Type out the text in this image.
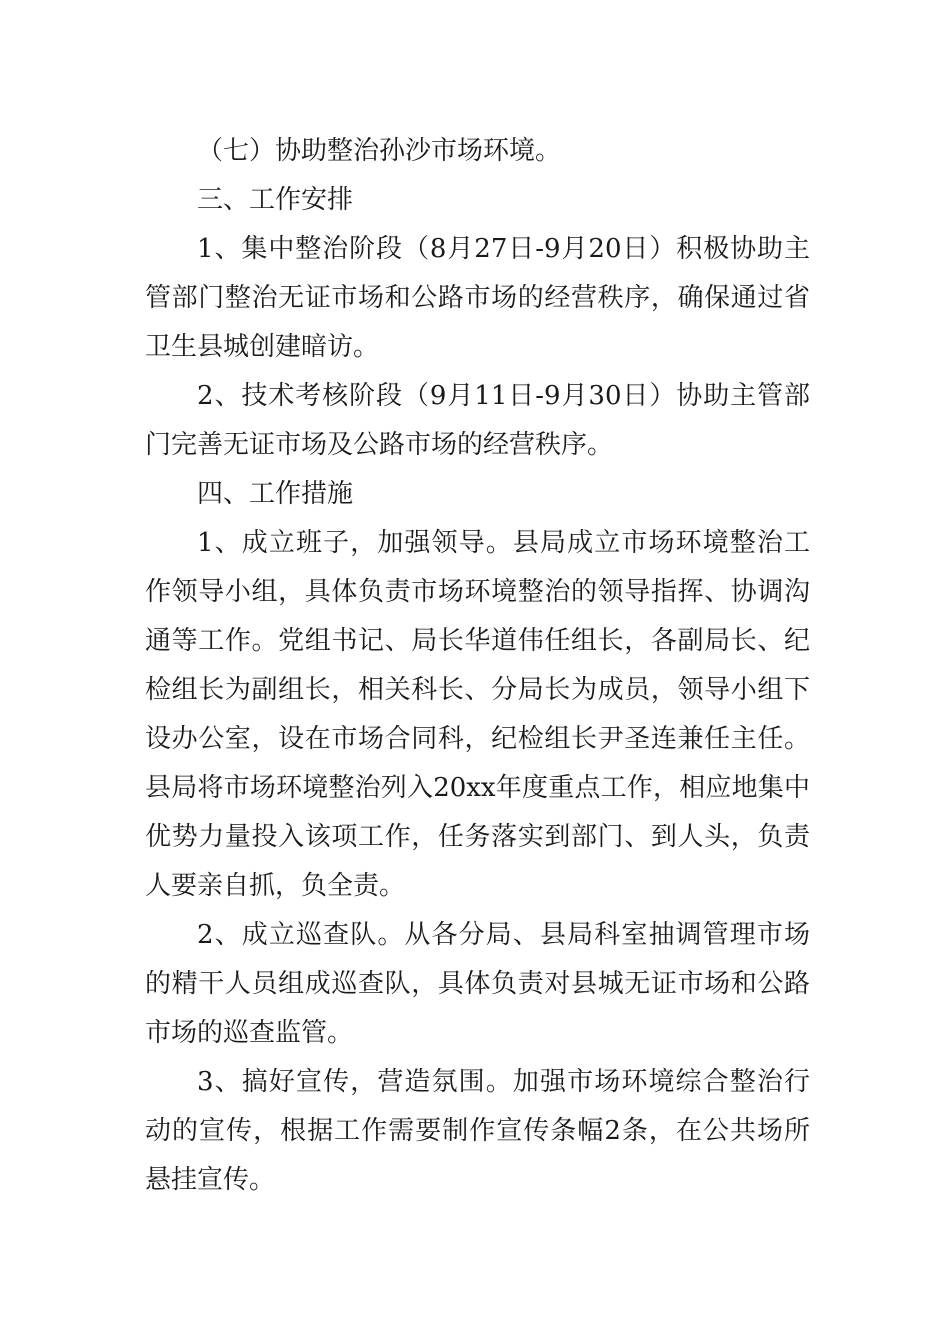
（七）协助整治孙沙市场环境。

三、工作安排

1、集中整治阶段（8月27日-9月20日）积极协助主管部门整治无证市场和公路市场的经营秩序，确保通过省卫生县城创建暗访。

2、技术考核阶段（9月11日-9月30日）协助主管部门完善无证市场及公路市场的经营秩序。

四、工作措施

1、成立班子，加强领导。县局成立市场环境整治工作领导小组，具体负责市场环境整治的领导指挥、协调沟通等工作。党组书记、局长华道伟任组长，各副局长、纪检组长为副组长，相关科长、分局长为成员，领导小组下设办公室，设在市场合同科，纪检组长尹圣连兼任主任。县局将市场环境整治列入20xx年度重点工作，相应地集中优势力量投入该项工作，任务落实到部门、到人头，负责人要亲自抓，负全责。

2、成立巡查队。从各分局、县局科室抽调管理市场的精干人员组成巡查队，具体负责对县城无证市场和公路市场的巡查监管。

3、搞好宣传，营造氛围。加强市场环境综合整治行动的宣传，根据工作需要制作宣传条幅2条，在公共场所悬挂宣传。
